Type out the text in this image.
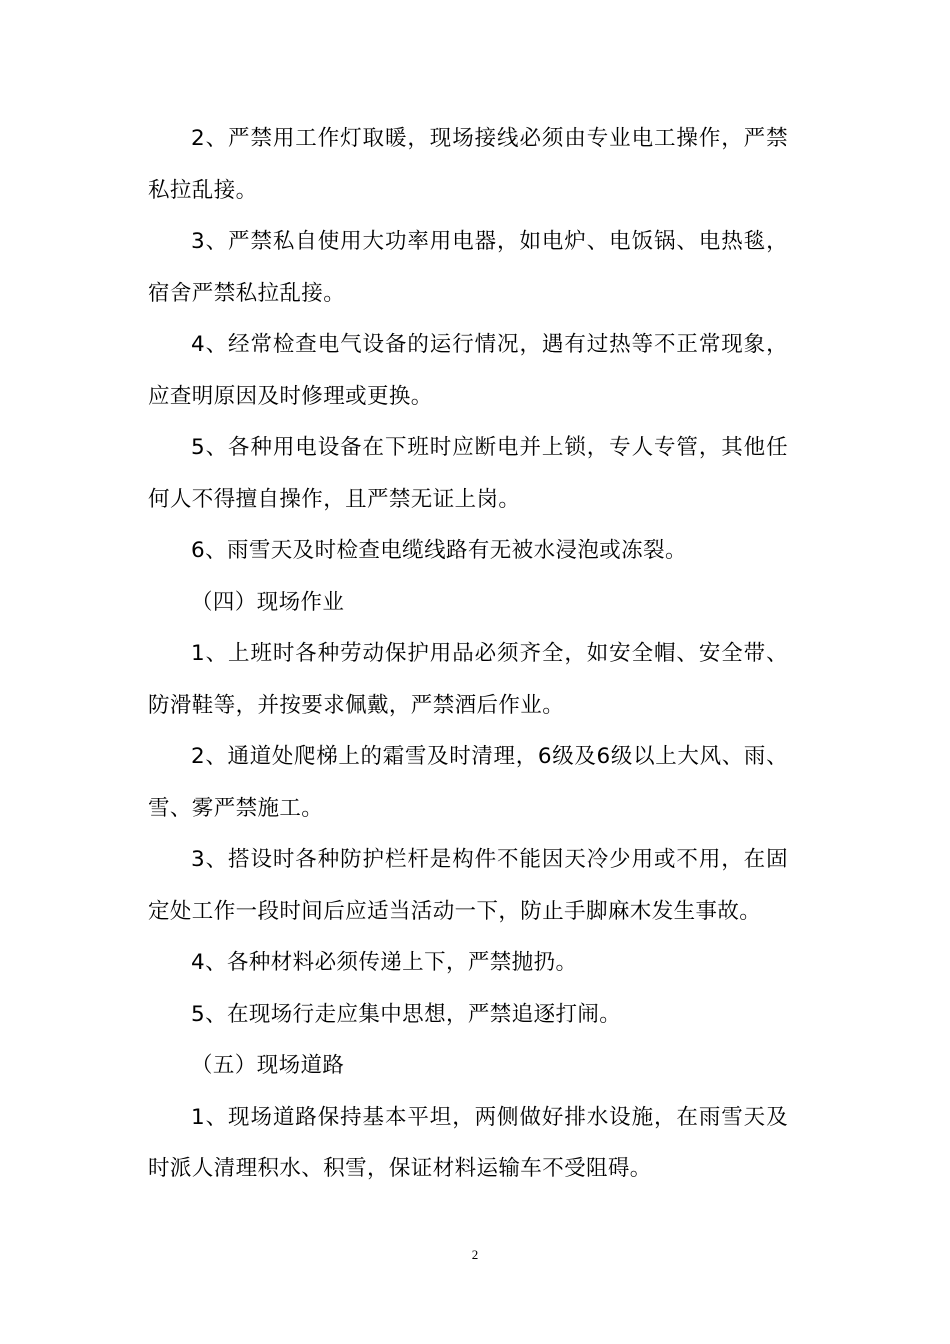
2、严禁用工作灯取暖，现场接线必须由专业电工操作，严禁私拉乱接。

3、严禁私自使用大功率用电器，如电炉、电饭锅、电热毯，宿舍严禁私拉乱接。

4、经常检查电气设备的运行情况，遇有过热等不正常现象，应查明原因及时修理或更换。

5、各种用电设备在下班时应断电并上锁，专人专管，其他任何人不得擅自操作，且严禁无证上岗。

6、雨雪天及时检查电缆线路有无被水浸泡或冻裂。

（四）现场作业

1、上班时各种劳动保护用品必须齐全，如安全帽、安全带、防滑鞋等，并按要求佩戴，严禁酒后作业。

2、通道处爬梯上的霜雪及时清理，6级及6级以上大风、雨、雪、雾严禁施工。

3、搭设时各种防护栏杆是构件不能因天冷少用或不用，在固定处工作一段时间后应适当活动一下，防止手脚麻木发生事故。

4、各种材料必须传递上下，严禁抛扔。

5、在现场行走应集中思想，严禁追逐打闹。

（五）现场道路

1、现场道路保持基本平坦，两侧做好排水设施，在雨雪天及时派人清理积水、积雪，保证材料运输车不受阻碍。

2
